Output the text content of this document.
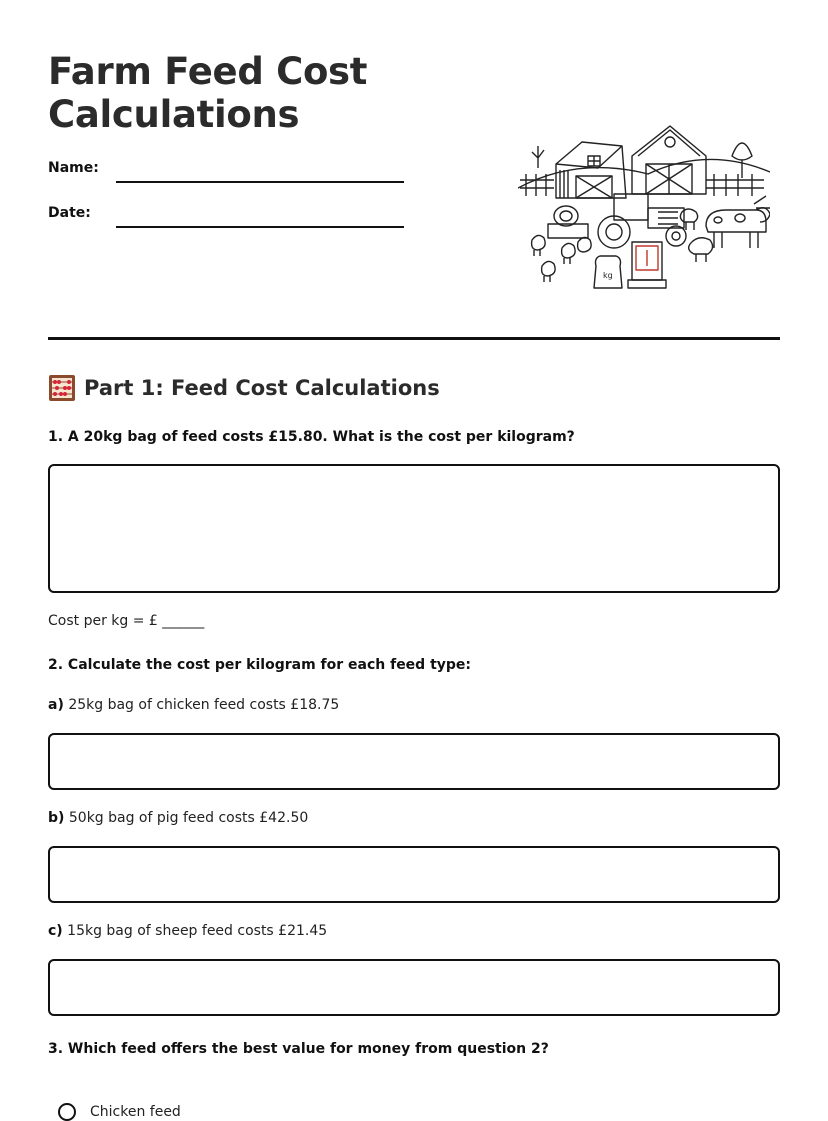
Farm Feed Cost Calculations
Name:
Date:
kg
Part 1: Feed Cost Calculations
1. A 20kg bag of feed costs £15.80. What is the cost per kilogram?
Cost per kg = £ ______
2. Calculate the cost per kilogram for each feed type:
a) 25kg bag of chicken feed costs £18.75
b) 50kg bag of pig feed costs £42.50
c) 15kg bag of sheep feed costs £21.45
3. Which feed offers the best value for money from question 2?
Chicken feed
